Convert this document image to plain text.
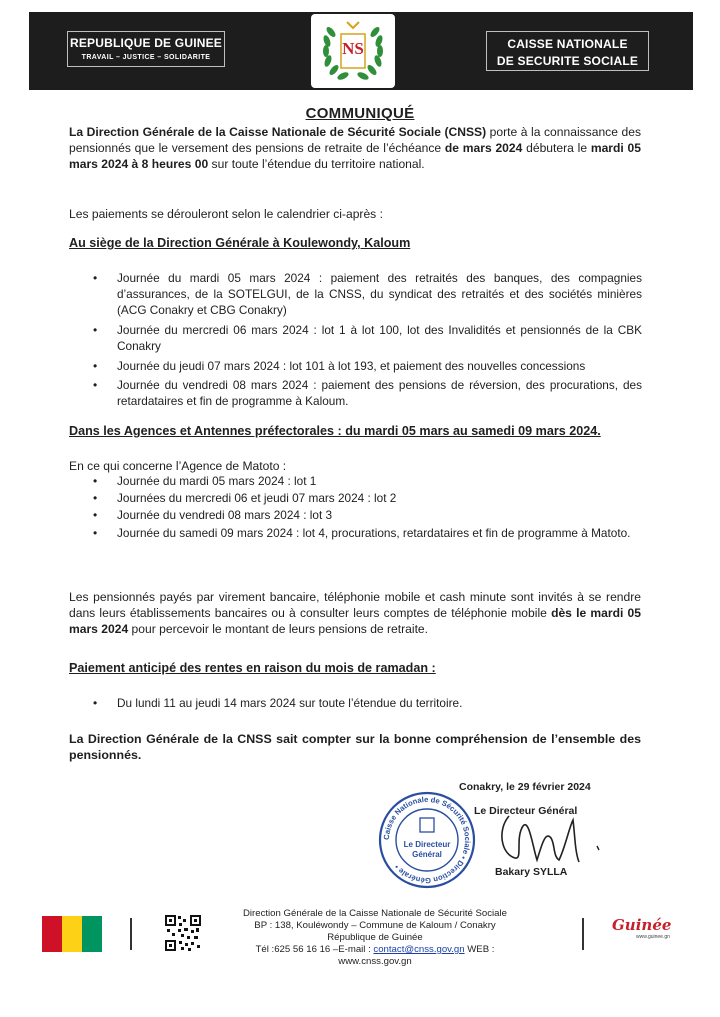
REPUBLIQUE DE GUINEE
TRAVAIL – JUSTICE – SOLIDARITE	NS	CAISSE NATIONALE
DE SECURITE SOCIALE
COMMUNIQUÉ

La Direction Générale de la Caisse Nationale de Sécurité Sociale (CNSS) porte à la connaissance des pensionnés que le versement des pensions de retraite de l’échéance de mars 2024 débutera le mardi 05 mars 2024 à 8 heures 00 sur toute l’étendue du territoire national.

Les paiements se dérouleront selon le calendrier ci-après :

Au siège de la Direction Générale à Koulewondy, Kaloum
• Journée du mardi 05 mars 2024 : paiement des retraités des banques, des compagnies d’assurances, de la SOTELGUI, de la CNSS, du syndicat des retraités et des sociétés minières (ACG Conakry et CBG Conakry)
• Journée du mercredi 06 mars 2024 : lot 1 à lot 100, lot des Invalidités et pensionnés de la CBK Conakry
• Journée du jeudi 07 mars 2024 : lot 101 à lot 193, et paiement des nouvelles concessions
• Journée du vendredi 08 mars 2024 : paiement des pensions de réversion, des procurations, des retardataires et fin de programme à Kaloum.
Dans les Agences et Antennes préfectorales : du mardi 05 mars au samedi 09 mars 2024.

En ce qui concerne l’Agence de Matoto :

• Journée du mardi 05 mars 2024 : lot 1
• Journées du mercredi 06 et jeudi 07 mars 2024 : lot 2
• Journée du vendredi 08 mars 2024 : lot 3
• Journée du samedi 09 mars 2024 : lot 4, procurations, retardataires et fin de programme à Matoto.

Les pensionnés payés par virement bancaire, téléphonie mobile et cash minute sont invités à se rendre dans leurs établissements bancaires ou à consulter leurs comptes de téléphonie mobile dès le mardi 05 mars 2024 pour percevoir le montant de leurs pensions de retraite.

Paiement anticipé des rentes en raison du mois de ramadan :
• Du lundi 11 au jeudi 14 mars 2024 sur toute l’étendue du territoire.

La Direction Générale de la CNSS sait compter sur la bonne compréhension de l’ensemble des pensionnés.

Conakry, le 29 février 2024
Le Directeur Général
Caisse Nationale de Sécurité Sociale • Direction Générale •
Le Directeur
Général
Bakary SYLLA
Direction Générale de la Caisse Nationale de Sécurité Sociale
BP : 138, Kouléwondy – Commune de Kaloum / Conakry République de Guinée
Tél :625 56 16 16 –E-mail : contact@cnss.gov.gn WEB : www.cnss.gov.gn
Guinée
www.guinee.gn
